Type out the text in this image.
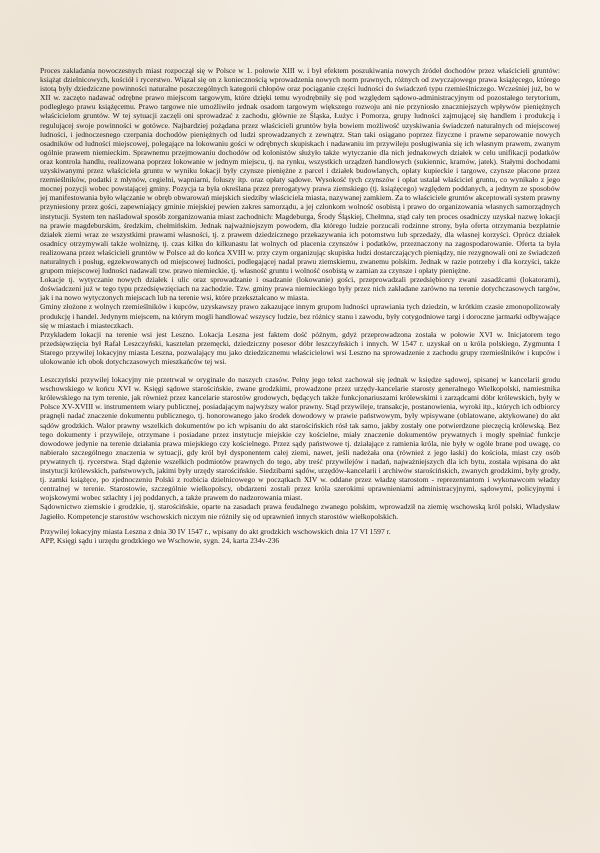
Proces zakładania nowoczesnych miast rozpoczął się w Polsce w 1. połowie XIII w. i był efektem poszukiwania nowych źródeł dochodów przez właścicieli gruntów: książąt dzielnicowych, kościół i rycerstwo. Wiązał się on z koniecznością wprowadzenia nowych norm prawnych, różnych od zwyczajowego prawa książęcego, którego istotą były dziedziczne powinności naturalne poszczególnych kategorii chłopów oraz pociąganie części ludności do świadczeń typu rzemieślniczego. Wcześniej już, bo w XII w. zaczęto nadawać odrębne prawo miejscom targowym, które dzięki temu wyodrębniły się pod względem sądowo-administracyjnym od pozostałego terytorium, podległego prawu książęcemu. Prawo targowe nie umożliwiło jednak osadom targowym większego rozwoju ani nie przyniosło znaczniejszych wpływów pieniężnych właścicielom gruntów. W tej sytuacji zaczęli oni sprowadzać z zachodu, głównie ze Śląska, Łużyc i Pomorza, grupy ludności zajmującej się handlem i produkcją i regulującej swoje powinności w gotówce. Najbardziej pożądana przez właścicieli gruntów była bowiem możliwość uzyskiwania świadczeń naturalnych od miejscowej ludności, i jednoczesnego czerpania dochodów pieniężnych od ludzi sprowadzanych z zewnątrz. Stan taki osiągano poprzez fizyczne i prawne separowanie nowych osadników od ludności miejscowej, polegające na lokowaniu gości w odrębnych skupiskach i nadawaniu im przywileju posługiwania się ich własnym prawem, zwanym ogólnie prawem niemieckim. Sprawnemu przejmowaniu dochodów od kolonistów służyło także wytyczanie dla nich jednakowych działek w celu unifikacji podatków oraz kontrola handlu, realizowana poprzez lokowanie w jednym miejscu, tj. na rynku, wszystkich urządzeń handlowych (sukiennic, kramów, jatek). Stałymi dochodami uzyskiwanymi przez właściciela gruntu w wyniku lokacji były czynsze pieniężne z parcel i działek budowlanych, opłaty kupieckie i targowe, czynsze płacone przez rzemieślników, podatki z młynów, cegielni, wapniarni, foluszy itp. oraz opłaty sądowe. Wysokość tych czynszów i opłat ustalał właściciel gruntu, co wynikało z jego mocnej pozycji wobec powstającej gminy. Pozycja ta była określana przez prerogatywy prawa ziemskiego (tj. książęcego) względem poddanych, a jednym ze sposobów jej manifestowania było włączanie w obręb obwarowań miejskich siedziby właściciela miasta, nazywanej zamkiem. Za to właściciele gruntów akceptowali system prawny przyniesiony przez gości, zapewniający gminie miejskiej pewien zakres samorządu, a jej członkom wolność osobistą i prawo do organizowania własnych samorządnych instytucji. System ten naśladował sposób zorganizowania miast zachodnich: Magdeburga, Środy Śląskiej, Chełmna, stąd cały ten proces osadniczy uzyskał nazwę lokacji na prawie magdeburskim, średzkim, chełmińskim. Jednak najważniejszym powodem, dla którego ludzie porzucali rodzinne strony, była oferta otrzymania bezpłatnie działek ziemi wraz ze wszystkimi prawami własności, tj. z prawem dziedzicznego przekazywania ich potomstwu lub sprzedaży, dla własnej korzyści. Oprócz działek osadnicy otrzymywali także wolniznę, tj. czas kilku do kilkunastu lat wolnych od płacenia czynszów i podatków, przeznaczony na zagospodarowanie. Oferta ta była realizowana przez właścicieli gruntów w Polsce aż do końca XVIII w. przy czym organizując skupiska ludzi dostarczających pieniądzy, nie rezygnowali oni ze świadczeń naturalnych i posług, egzekwowanych od miejscowej ludności, podlegającej nadal prawu ziemskiemu, zwanemu polskim. Jednak w razie potrzeby i dla korzyści, także grupom miejscowej ludności nadawali tzw. prawo niemieckie, tj. własność gruntu i wolność osobistą w zamian za czynsze i opłaty pieniężne.

Lokacje tj. wytyczanie nowych działek i ulic oraz sprowadzanie i osadzanie (lokowanie) gości, przeprowadzali przedsiębiorcy zwani zasadźcami (lokatorami), doświadczeni już w tego typu przedsięwzięciach na zachodzie. Tzw. gminy prawa niemieckiego były przez nich zakładane zarówno na terenie dotychczasowych targów, jak i na nowo wytyczonych miejscach lub na terenie wsi, które przekształcano w miasta.

Gminy złożone z wolnych rzemieślników i kupców, uzyskawszy prawo zakazujące innym grupom ludności uprawiania tych dziedzin, w krótkim czasie zmonopolizowały produkcję i handel. Jedynym miejscem, na którym mogli handlować wszyscy ludzie, bez różnicy stanu i zawodu, były cotygodniowe targi i doroczne jarmarki odbywające się w miastach i miasteczkach.

Przykładem lokacji na terenie wsi jest Leszno. Lokacja Leszna jest faktem dość późnym, gdyż przeprowadzona została w połowie XVI w. Inicjatorem tego przedsięwzięcia był Rafał Leszczyński, kasztelan przemęcki, dziedziczny posesor dóbr leszczyńskich i innych. W 1547 r. uzyskał on u króla polskiego, Zygmunta I Starego przywilej lokacyjny miasta Leszna, pozwalający mu jako dziedzicznemu właścicielowi wsi Leszno na sprowadzenie z zachodu grupy rzemieślników i kupców i ulokowanie ich obok dotychczasowych mieszkańców tej wsi.

Leszczyński przywilej lokacyjny nie przetrwał w oryginale do naszych czasów. Pełny jego tekst zachował się jednak w księdze sądowej, spisanej w kancelarii grodu wschowskiego w końcu XVI w. Księgi sądowe starościńskie, zwane grodzkimi, prowadzone przez urzędy-kancelarie starosty generalnego Wielkopolski, namiestnika królewskiego na tym terenie, jak również przez kancelarie starostów grodowych, będących także funkcjonariuszami królewskimi i zarządcami dóbr królewskich, były w Polsce XV-XVIII w. instrumentem wiary publicznej, posiadającym najwyższy walor prawny. Stąd przywileje, transakcje, postanowienia, wyroki itp., których ich odbiorcy pragnęli nadać znaczenie dokumentu publicznego, tj. honorowanego jako środek dowodowy w prawie państwowym, były wpisywane (oblatowane, aktykowane) do akt sądów grodzkich. Walor prawny wszelkich dokumentów po ich wpisaniu do akt starościńskich rósł tak samo, jakby zostały one potwierdzone pieczęcią królewską. Bez tego dokumenty i przywileje, otrzymane i posiadane przez instytucje miejskie czy kościelne, miały znaczenie dokumentów prywatnych i mogły spełniać funkcje dowodowe jedynie na terenie działania prawa miejskiego czy kościelnego. Przez sądy państwowe tj. działające z ramienia króla, nie były w ogóle brane pod uwagę, co nabierało szczególnego znaczenia w sytuacji, gdy król był dysponentem całej ziemi, nawet, jeśli nadeżała ona (również z jego łaski) do kościoła, miast czy osób prywatnych tj. rycerstwa. Stąd dążenie wszelkich podmiotów prawnych do tego, aby treść przywilejów i nadań, najważniejszych dla ich bytu, została wpisana do akt instytucji królewskich, państwowych, jakimi były urzędy starościńskie. Siedzibami sądów, urzędów-kancelarii i archiwów starościńskich, zwanych grodzkimi, były grody, tj. zamki książęce, po zjednoczeniu Polski z rozbicia dzielnicowego w początkach XIV w. oddane przez władzę starostom - reprezentantom i wykonawcom władzy centralnej w terenie. Starostowie, szczególnie wielkopolscy, obdarzeni zostali przez króla szerokimi uprawnieniami administracyjnymi, sądowymi, policyjnymi i wojskowymi wobec szlachty i jej poddanych, a także prawem do nadzorowania miast.

Sądownictwo ziemskie i grodzkie, tj. starościńskie, oparte na zasadach prawa feudalnego zwanego polskim, wprowadził na ziemię wschowską król polski, Władysław Jagiełło. Kompetencje starostów wschowskich niczym nie różniły się od uprawnień innych starostów wielkopolskich.

Przywilej lokacyjny miasta Leszna z dnia 30 IV 1547 r., wpisany do akt grodzkich wschowskich dnia 17 VI 1597 r.

APP, Księgi sądu i urzędu grodzkiego we Wschowie, sygn. 24, karta 234v-236
